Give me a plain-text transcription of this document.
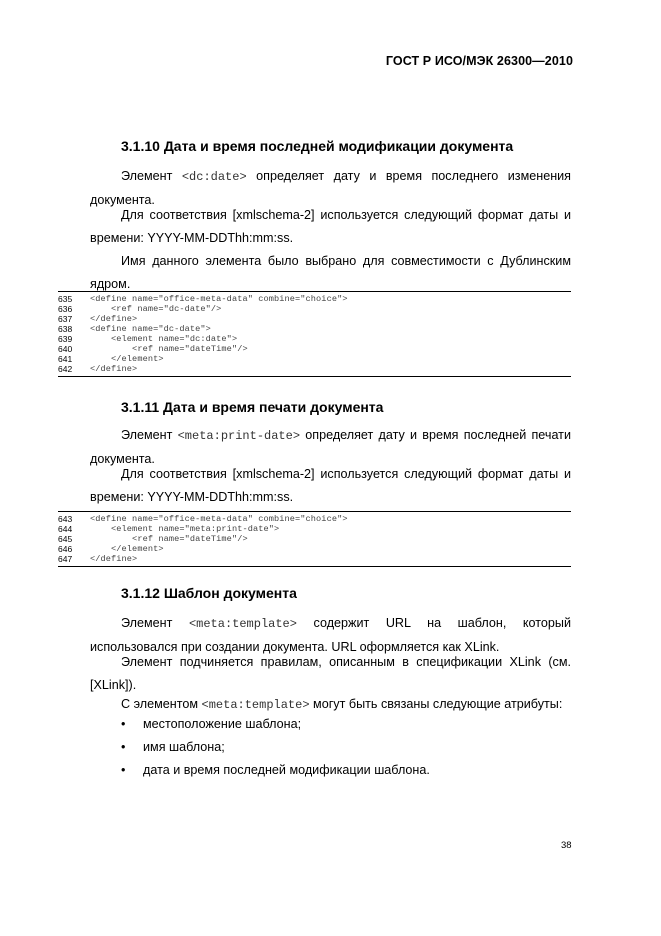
ГОСТ Р ИСО/МЭК 26300—2010
3.1.10 Дата и время последней модификации документа
Элемент <dc:date> определяет дату и время последнего изменения документа.
Для соответствия [xmlschema-2] используется следующий формат даты и времени: YYYY-MM-DDThh:mm:ss.
Имя данного элемента было выбрано для совместимости с Дублинским ядром.
635	<define name="office-meta-data" combine="choice">
636	<ref name="dc-date"/>
637	</define>
638	<define name="dc-date">
639	<element name="dc:date">
640	<ref name="dateTime"/>
641	</element>
642	</define>
3.1.11 Дата и время печати документа
Элемент <meta:print-date> определяет дату и время последней печати документа.
Для соответствия [xmlschema-2] используется следующий формат даты и времени: YYYY-MM-DDThh:mm:ss.
643	<define name="office-meta-data" combine="choice">
644	<element name="meta:print-date">
645	<ref name="dateTime"/>
646	</element>
647	</define>
3.1.12 Шаблон документа
Элемент <meta:template> содержит URL на шаблон, который использовался при создании документа. URL оформляется как XLink.
Элемент подчиняется правилам, описанным в спецификации XLink (см. [XLink]).
С элементом <meta:template> могут быть связаны следующие атрибуты:
• местоположение шаблона;
• имя шаблона;
• дата и время последней модификации шаблона.
38
